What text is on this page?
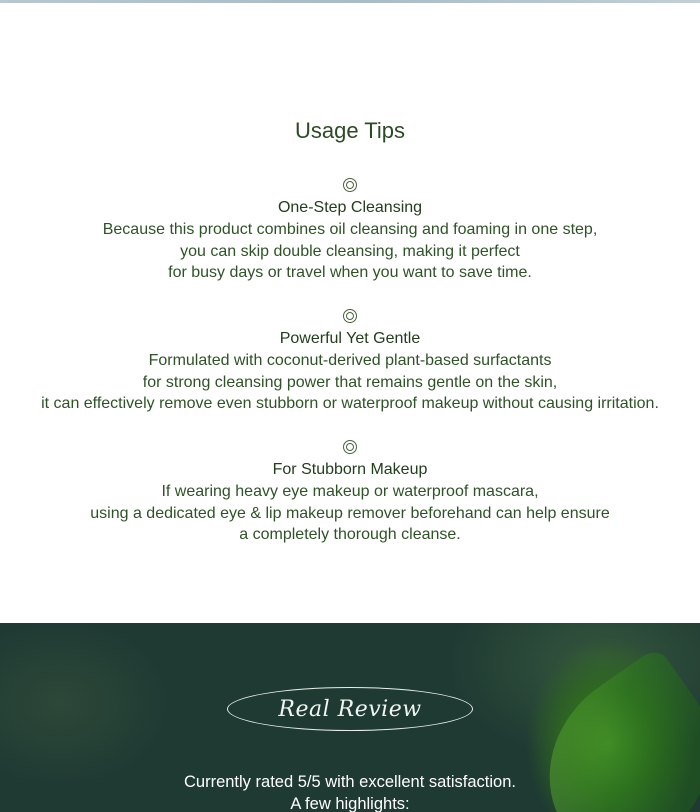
Usage Tips
One-Step Cleansing
Because this product combines oil cleansing and foaming in one step,
you can skip double cleansing, making it perfect
for busy days or travel when you want to save time.
Powerful Yet Gentle
Formulated with coconut-derived plant-based surfactants
for strong cleansing power that remains gentle on the skin,
it can effectively remove even stubborn or waterproof makeup without causing irritation.
For Stubborn Makeup
If wearing heavy eye makeup or waterproof mascara,
using a dedicated eye & lip makeup remover beforehand can help ensure
a completely thorough cleanse.
Real Review
Currently rated 5/5 with excellent satisfaction.
A few highlights:
